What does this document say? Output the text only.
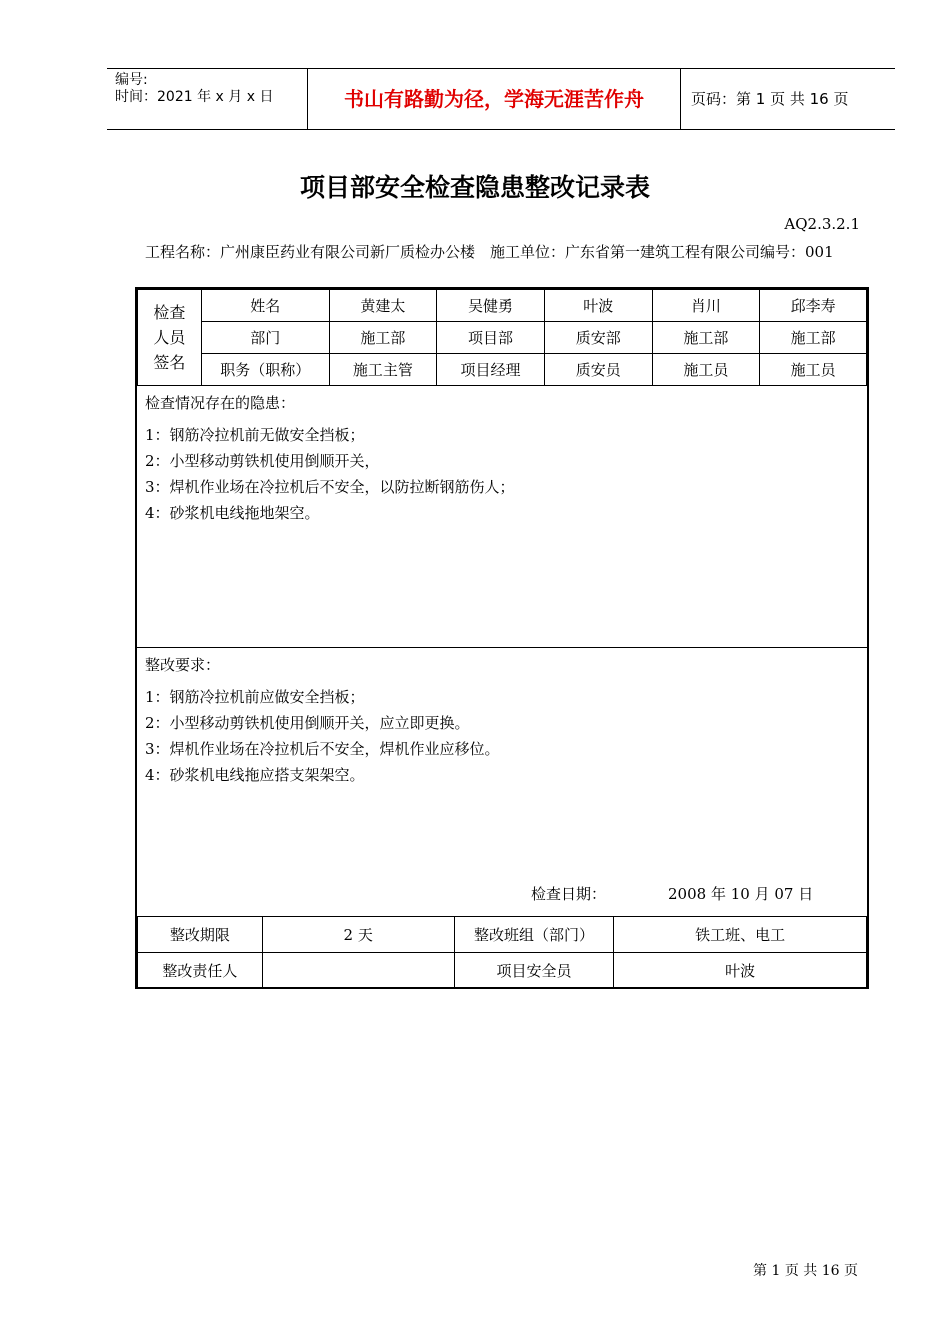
编号:
时间：2021 年 x 月 x 日	书山有路勤为径，学海无涯苦作舟	页码：第 1 页 共 16 页
项目部安全检查隐患整改记录表
AQ2.3.2.1
工程名称：广州康臣药业有限公司新厂质检办公楼　施工单位：广东省第一建筑工程有限公司编号：001
检查人员签名	姓名	黄建太	吴健勇	叶波	肖川	邱李寿
	部门	施工部	项目部	质安部	施工部	施工部
	职务（职称）	施工主管	项目经理	质安员	施工员	施工员
检查情况存在的隐患：
1：钢筋冷拉机前无做安全挡板；
2：小型移动剪铁机使用倒顺开关，
3：焊机作业场在冷拉机后不安全，以防拉断钢筋伤人；
4：砂浆机电线拖地架空。
整改要求：
1：钢筋冷拉机前应做安全挡板；
2：小型移动剪铁机使用倒顺开关，应立即更换。
3：焊机作业场在冷拉机后不安全，焊机作业应移位。
4：砂浆机电线拖应搭支架架空。
检查日期：	2008 年 10 月 07 日
整改期限	2 天	整改班组（部门）	铁工班、电工
整改责任人		项目安全员	叶波
第 1 页 共 16 页
